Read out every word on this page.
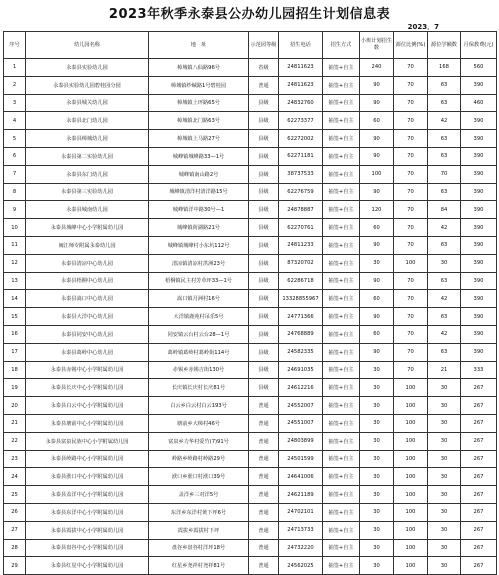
2023年秋季永泰县公办幼儿园招生计划信息表
2023．7
序号	幼儿园名称	地　址	示范园等级	招生电话	招生方式	小班计划招生数	源位比例(%)	源位学额数	月保教费(元)
1	永泰县实验幼儿园	樟城镇八仙路96号	省级	24811623	抽签+自主	240	70	168	560
2	永泰县实验幼儿园碧桂园分园	樟城镇纱缄路1号碧桂园	普通	24811623	抽签+自主	90	70	63	390
3	永泰县城关幼儿园	樟城镇上坪路65号	县级	24832760	抽签+自主	90	70	63	460
4	永泰县北门幼儿园	樟城镇北门路63号	县级	62273377	抽签+自主	60	70	42	390
5	永泰县樟城幼儿园	樟城镇上马路27号	县级	62272002	抽签+自主	90	70	63	390
6	永泰县第二实验幼儿园	城峰镇城峰路33—1号	县级	62271181	抽签+自主	90	70	63	390
7	永泰县东门幼儿园	城峰镇南山路2号	县级	38737533	抽签+自主	100	70	70	390
8	永泰县第三实验幼儿园	城峰镇清洋村清洋路15号	县级	62276759	抽签+自主	90	70	63	390
9	永泰县城南幼儿园	城峰镇洋中路30号—1	县级	24878887	抽签+自主	120	70	84	390
10	永泰县城峰中心小学附属幼儿园	城峰镇荷湖路21号	县级	62270761	抽签+自主	60	70	42	390
11	闽江师专附属永泰幼儿园	城峰镇城峰村小东坑112号	县级	24811233	抽签+自主	90	70	63	390
12	永泰县清凉中心幼儿园	清凉镇清凉村洪洲23号	县级	87320702	抽签+自主	30	100	30	390
13	永泰县梧桐中心幼儿园	梧桐镇民主村芳草坪33—1号	县级	62286718	抽签+自主	90	70	63	390
14	永泰县嵩口中心幼儿园	嵩口镇月洲村16号	县级	13328855967	抽签+自主	60	70	42	390
15	永泰县大洋中心幼儿园	大洋镇鹿苑村吊乐5号	县级	24771366	抽签+自主	90	70	63	390
16	永泰县同安中心幼儿园	同安镇云台村云台28—1号	县级	24768889	抽签+自主	60	70	42	390
17	永泰县葛岭中心幼儿园	葛岭镇葛岭村葛岭街114号	县级	24582335	抽签+自主	90	70	63	390
18	永泰县赤锡中心小学附属幼儿园	赤锡乡赤锡吉街130号	县级	24691035	抽签+自主	30	70	21	333
19	永泰县长庆中心小学附属幼儿园	长庆镇长庆村长庆81号	县级	24612216	抽签+自主	30	100	30	267
20	永泰县白云中心小学附属幼儿园	白云乡白云村白云193号	普通	24552007	抽签+自主	30	100	30	267
21	永泰县塘前中心小学附属幼儿园	塘前乡大樟村46号	普通	24551007	抽签+自主	30	100	30	267
22	永泰县富泉民族中心小学附属幼儿园	富泉乡力华村爱竹(7)91号	普通	24803899	抽签+自主	30	100	30	267
23	永泰县岭路中心小学附属幼儿园	岭路乡岭路村岭路29号	普通	24501599	抽签+自主	30	100	30	267
24	永泰县洑口中心小学附属幼儿园	洑口乡洑口村洑口39号	普通	24641006	抽签+自主	30	100	30	267
25	永泰县盖洋中心小学附属幼儿园	盖洋乡三对洋5号	普通	24621189	抽签+自主	30	100	30	267
26	永泰县东洋中心小学附属幼儿园	东洋乡东洋村黄下坪6号	普通	24702101	抽签+自主	30	100	30	267
27	永泰县霞拔中心小学附属幼儿园	霞拔乡霞拔村下坪	普通	24713733	抽签+自主	30	100	30	267
28	永泰县盘谷中心小学附属幼儿园	盘谷乡盘谷村洋坪18号	普通	24732220	抽签+自主	30	100	30	267
29	永泰县红星中心小学附属幼儿园	红星乡尧祥村尧祥81号	普通	24562025	抽签+自主	30	100	30	267
